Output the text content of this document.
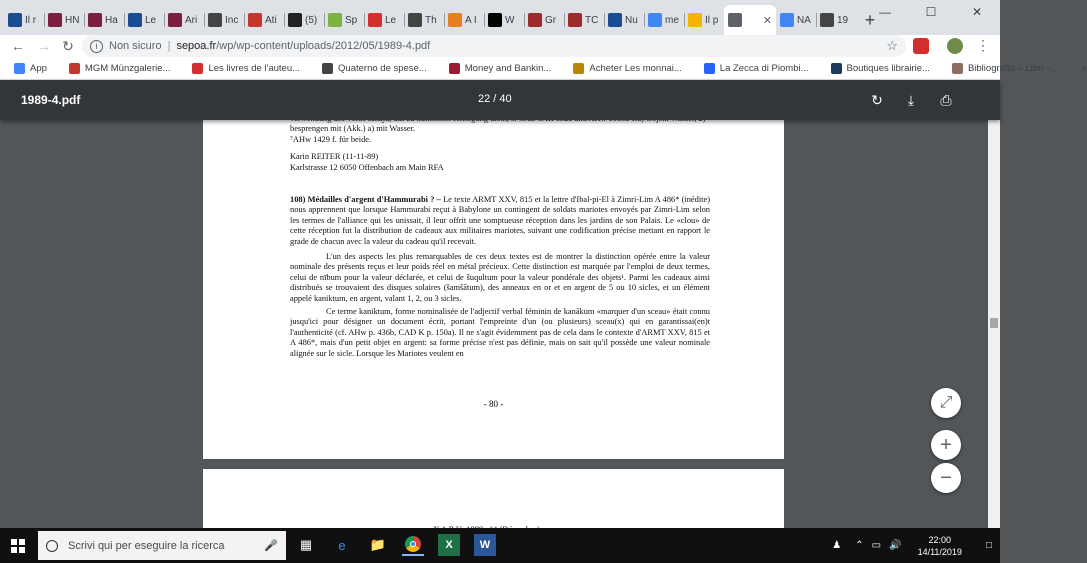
Il r	HN	Ha	Le	Ari	Inc	Ati	(5)	Sp	Le	Th	A I	W	Gr	TC	Nu	me	Il p	✕	NA	19 + —	☐	✕
← → ↻	i	Non sicuro | sepoa.fr /wp/wp-content/uploads/2012/05/1989-4.pdf	☆	⋮
App	MGM Münzgalerie...	Les livres de l'auteu...	Quaterno de spese...	Money and Bankin...	Acheter Les monnai...	La Zecca di Piombi...	Boutiques librairie...	Bibliografia – Libri –... »
1989-4.pdf	22 / 40	↻	⤓	⎙

besprengen mit (Akk.) a) mit Wasser.

⁷AHw 1429 f. für beide.

Karin REITER (11-11-89)

Karlstrasse 12 6050 Offenbach am Main RFA

108) Médailles d'argent d'Hammurabi ? – Le texte ARMT XXV, 815 et la lettre d'Ibal-pi-El à Zimri-Lim A 486* (inédite) nous apprennent que lorsque Hammurabi reçut à Babylone un contingent de soldats mariotes envoyés par Zimri-Lim selon les termes de l'alliance qui les unissait, il leur offrit une somptueuse réception dans les jardins de son Palais. Le «clou» de cette réception fut la distribution de cadeaux aux militaires mariotes, suivant une codification précise mettant en rapport le grade de chacun avec la valeur du cadeau qu'il recevait.

L'un des aspects les plus remarquables de ces deux textes est de montrer la distinction opérée entre la valeur nominale des présents reçus et leur poids réel en métal précieux. Cette distinction est marquée par l'emploi de deux termes, celui de nībum pour la valeur déclarée, et celui de šuqultum pour la valeur pondérale des objets¹. Parmi les cadeaux ainsi distribués se trouvaient des disques solaires (šamšātum), des anneaux en or et en argent de 5 ou 10 sicles, et un élément appelé kaniktum, en argent, valant 1, 2, ou 3 sicles.

Ce terme kaniktum, forme nominalisée de l'adjectif verbal féminin de kanākum «marquer d'un sceau» était connu jusqu'ici pour désigner un document écrit, portant l'empreinte d'un (ou plusieurs) sceau(x) qui en garantissai(en)t l'authenticité (cf. AHw p. 436b, CAD K p. 150a). Il ne s'agit évidemment pas de cela dans le contexte d'ARMT XXV, 815 et A 486*, mais d'un petit objet en argent: sa forme précise n'est pas définie, mais on sait qu'il possède une valeur nominale alignée sur le sicle. Lorsque les Mariotes veulent en

- 80 -	⤢
+
−
Scrivi qui per eseguire la ricerca	🎤	▦	e	📁	X	W	♟ ⌃ ▭ 🔊
22:00
14/11/2019
□
